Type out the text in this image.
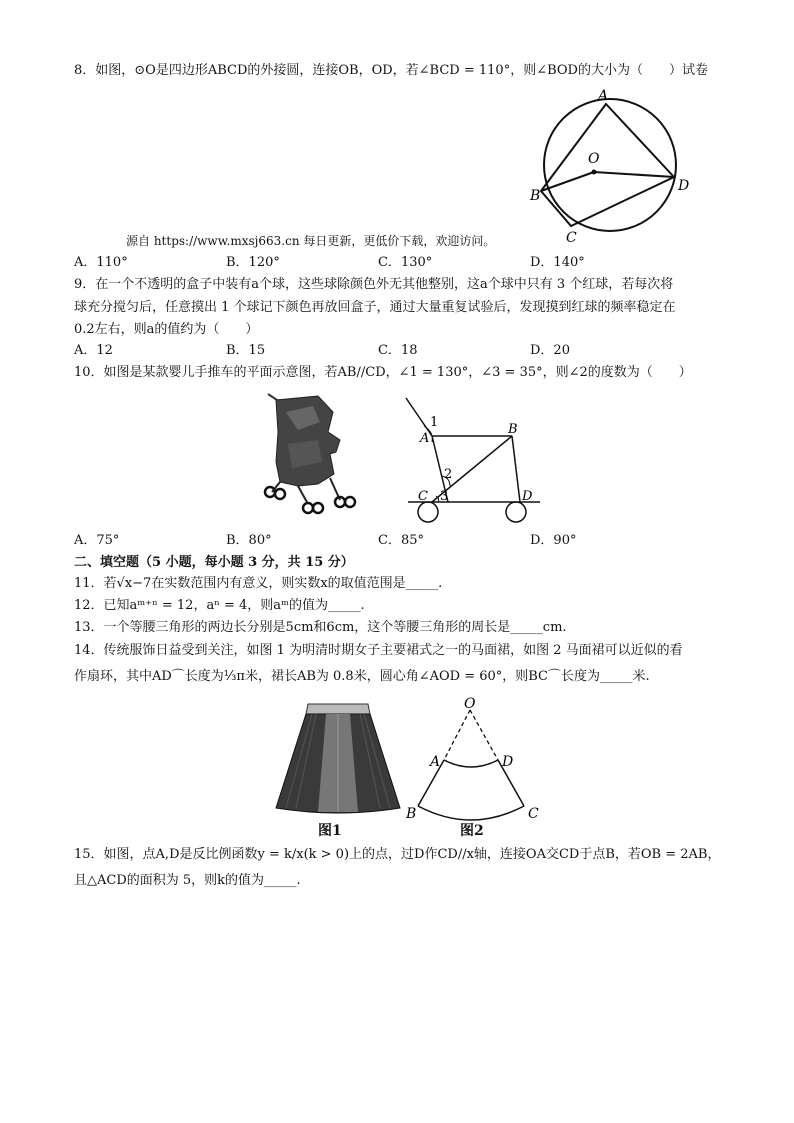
8．如图，⊙O是四边形ABCD的外接圆，连接OB，OD，若∠BCD = 110°，则∠BOD的大小为（　　）试卷
A
O
B
D
C
源自 https://www.mxsj663.cn 每日更新，更低价下载，欢迎访问。
A．110°	B．120°	C．130°	D．140°
9．在一个不透明的盒子中装有a个球，这些球除颜色外无其他整别，这a个球中只有 3 个红球，若每次将
球充分搅匀后，任意摸出 1 个球记下颜色再放回盒子，通过大量重复试验后，发现摸到红球的频率稳定在
0.2左右，则a的值约为（　　）
A．12	B．15	C．18	D．20
10．如图是某款婴儿手推车的平面示意图，若AB//CD，∠1 = 130°，∠3 = 35°，则∠2的度数为（　　）
1
A
B
2
C 3	D
A．75°	B．80°	C．85°	D．90°
二、填空题（5 小题，每小题 3 分，共 15 分）
11．若√x−7在实数范围内有意义，则实数x的取值范围是_____.
12．已知aᵐ⁺ⁿ = 12，aⁿ = 4，则aᵐ的值为_____.
13．一个等腰三角形的两边长分别是5cm和6cm，这个等腰三角形的周长是_____cm.
14．传统服饰日益受到关注，如图 1 为明清时期女子主要裙式之一的马面裙，如图 2 马面裙可以近似的看
作扇环，其中AD⌒长度为⅓π米，裙长AB为 0.8米，圆心角∠AOD = 60°，则BC⌒长度为_____米.
图1
O
A	D
B	C
图2
15．如图，点A,D是反比例函数y = k/x(k > 0)上的点，过D作CD//x轴，连接OA交CD于点B，若OB = 2AB，
且△ACD的面积为 5，则k的值为_____.
